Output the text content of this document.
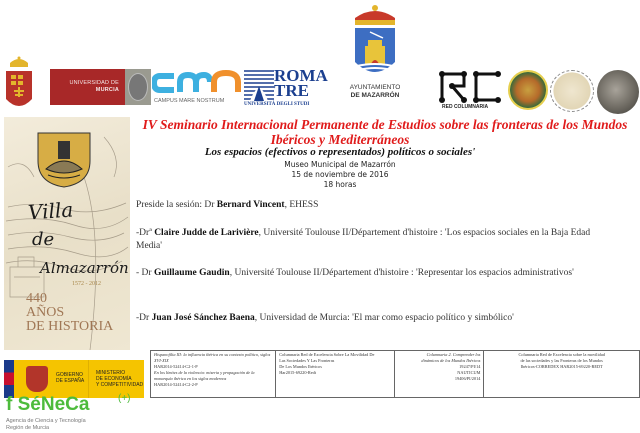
UNIVERSIDAD DE
MURCIA
CAMPUS MARE NOSTRUM
ROMA
TRE
UNIVERSITÀ DEGLI STUDI
AYUNTAMIENTO
DE MAZARRÓN
RED COLUMNARIA
Villa
de
Almazarrón
1572 - 2012
440
AÑOS
DE HISTORIA
IV Seminario Internacional Permanente de Estudios sobre las fronteras de los Mundos
Ibéricos y Mediterráneos
Los espacios (efectivos o representados) políticos o sociales'
Museo Municipal de Mazarrón
15 de noviembre de 2016
18 horas
Preside la sesión: Dr Bernard Vincent, EHESS
-Drª Claire Judde de Larivière, Université Toulouse II/Département d'histoire : 'Los espacios sociales en la Baja Edad Media'
- Dr Guillaume Gaudin, Université Toulouse II/Département d'histoire : 'Representar los espacios administrativos'
-Dr Juan José Sánchez Baena, Universidad de Murcia: 'El mar como espacio político y simbólico'
GOBIERNO
DE ESPAÑA
MINISTERIO
DE ECONOMÍA
Y COMPETITIVIDAD
f SéNeCa	(+)
Agencia de Ciencia y Tecnología
Región de Murcia
Hispanofilia III: la influencia ibérica en su contexto político, siglos XVI-XIX
HAR2014-52414-C2-1-P
En los límites de la violencia: miseria y propagación de la monarquía ibérica en los siglos modernos
HAR2014-52414-C2-2-P

Columnaria Red de Excelencia Sobre La Movilidad De
Las Sociedades Y Las Fronteras
De Los Mundos Ibéricos
Har2015-69220-Redt

Columnaria 2. Comprender los
dinámicos de los Mundos Ibéricos
19247/PI/14
NAUTICUM
19406/PI/2014

Columnaria Red de Excelencia sobre la movilidad
de las sociedades y las Fronteras de los Mundos
Ibéricos-CORREDEX HAR2015-69220-REDT
